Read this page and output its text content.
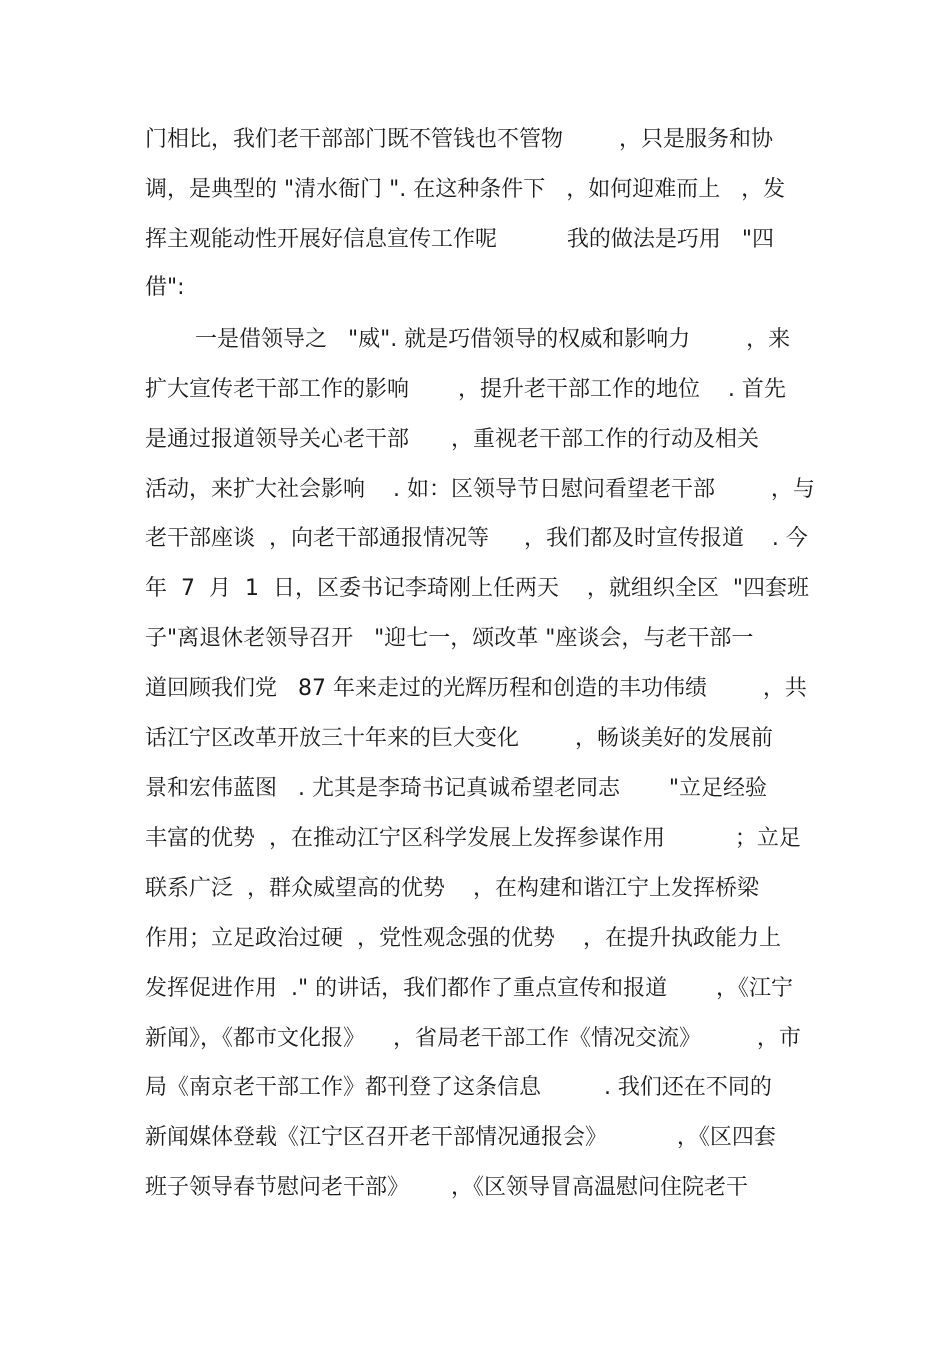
门相比，我们老干部部门既不管钱也不管物        ，只是服务和协
调，是典型的 "清水衙门 ". 在这种条件下   ，如何迎难而上   ，发
挥主观能动性开展好信息宣传工作呢          我的做法是巧用   "四
借":
一是借领导之   "威". 就是巧借领导的权威和影响力        ，来
扩大宣传老干部工作的影响       ，提升老干部工作的地位    . 首先
是通过报道领导关心老干部      ，重视老干部工作的行动及相关
活动，来扩大社会影响    . 如：区领导节日慰问看望老干部        ，与
老干部座谈  ，向老干部通报情况等     ，我们都及时宣传报道    . 今
年  7  月  1  日，区委书记李琦刚上任两天    ，就组织全区  "四套班
子"离退休老领导召开   "迎七一，颂改革 "座谈会，与老干部一
道回顾我们党   87 年来走过的光辉历程和创造的丰功伟绩        ，共
话江宁区改革开放三十年来的巨大变化        ，畅谈美好的发展前
景和宏伟蓝图   . 尤其是李琦书记真诚希望老同志       "立足经验
丰富的优势  ，在推动江宁区科学发展上发挥参谋作用          ；立足
联系广泛  ，群众威望高的优势    ，在构建和谐江宁上发挥桥梁
作用；立足政治过硬  ，党性观念强的优势    ，在提升执政能力上
发挥促进作用  ." 的讲话，我们都作了重点宣传和报道       ，《江宁
新闻》，《都市文化报》    ，省局老干部工作《情况交流》        ，市
局《南京老干部工作》都刊登了这条信息         . 我们还在不同的
新闻媒体登载《江宁区召开老干部情况通报会》          ，《区四套
班子领导春节慰问老干部》      ，《区领导冒高温慰问住院老干
